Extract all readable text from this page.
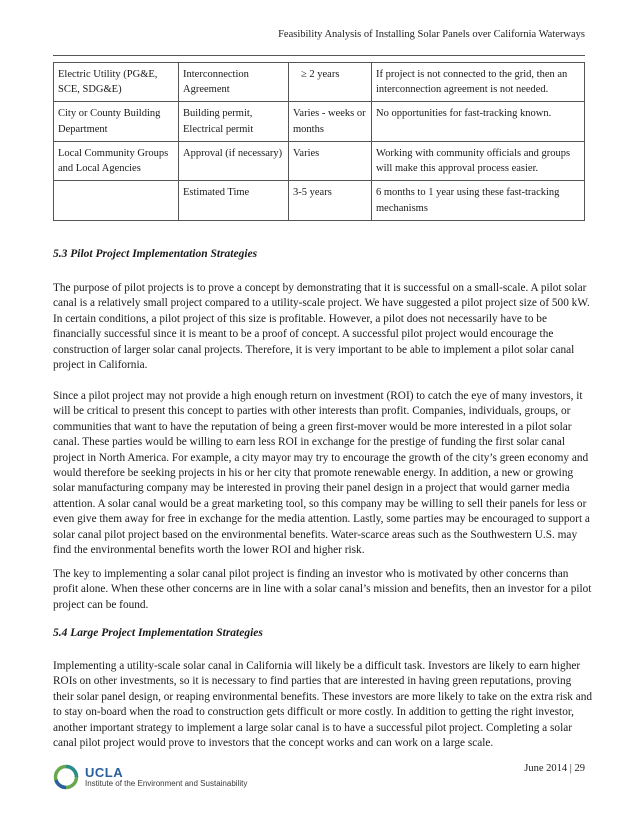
Feasibility Analysis of Installing Solar Panels over California Waterways
Electric Utility (PG&E, SCE, SDG&E)	Interconnection Agreement	≥ 2 years	If project is not connected to the grid, then an interconnection agreement is not needed.
City or County Building Department	Building permit, Electrical permit	Varies - weeks or months	No opportunities for fast-tracking known.
Local Community Groups and Local Agencies	Approval (if necessary)	Varies	Working with community officials and groups will make this approval process easier.
	Estimated Time	3-5 years	6 months to 1 year using these fast-tracking mechanisms
5.3 Pilot Project Implementation Strategies

The purpose of pilot projects is to prove a concept by demonstrating that it is successful on a small-scale. A pilot solar canal is a relatively small project compared to a utility-scale project. We have suggested a pilot project size of 500 kW. In certain conditions, a pilot project of this size is profitable. However, a pilot does not necessarily have to be financially successful since it is meant to be a proof of concept. A successful pilot project would encourage the construction of larger solar canal projects. Therefore, it is very important to be able to implement a pilot solar canal project in California.

Since a pilot project may not provide a high enough return on investment (ROI) to catch the eye of many investors, it will be critical to present this concept to parties with other interests than profit. Companies, individuals, groups, or communities that want to have the reputation of being a green first-mover would be more interested in a pilot solar canal. These parties would be willing to earn less ROI in exchange for the prestige of funding the first solar canal project in North America. For example, a city mayor may try to encourage the growth of the city’s green economy and would therefore be seeking projects in his or her city that promote renewable energy. In addition, a new or growing solar manufacturing company may be interested in proving their panel design in a project that would garner media attention. A solar canal would be a great marketing tool, so this company may be willing to sell their panels for less or even give them away for free in exchange for the media attention. Lastly, some parties may be encouraged to support a solar canal pilot project based on the environmental benefits. Water-scarce areas such as the Southwestern U.S. may find the environmental benefits worth the lower ROI and higher risk.

The key to implementing a solar canal pilot project is finding an investor who is motivated by other concerns than profit alone. When these other concerns are in line with a solar canal’s mission and benefits, then an investor for a pilot project can be found.

5.4 Large Project Implementation Strategies

Implementing a utility-scale solar canal in California will likely be a difficult task. Investors are likely to earn higher ROIs on other investments, so it is necessary to find parties that are interested in having green reputations, proving their solar panel design, or reaping environmental benefits. These investors are more likely to take on the extra risk and to stay on-board when the road to construction gets difficult or more costly. In addition to getting the right investor, another important strategy to implement a large solar canal is to have a successful pilot project. Completing a solar canal pilot project would prove to investors that the concept works and can work on a large scale.

UCLA
Institute of the Environment and Sustainability
June 2014 | 29
